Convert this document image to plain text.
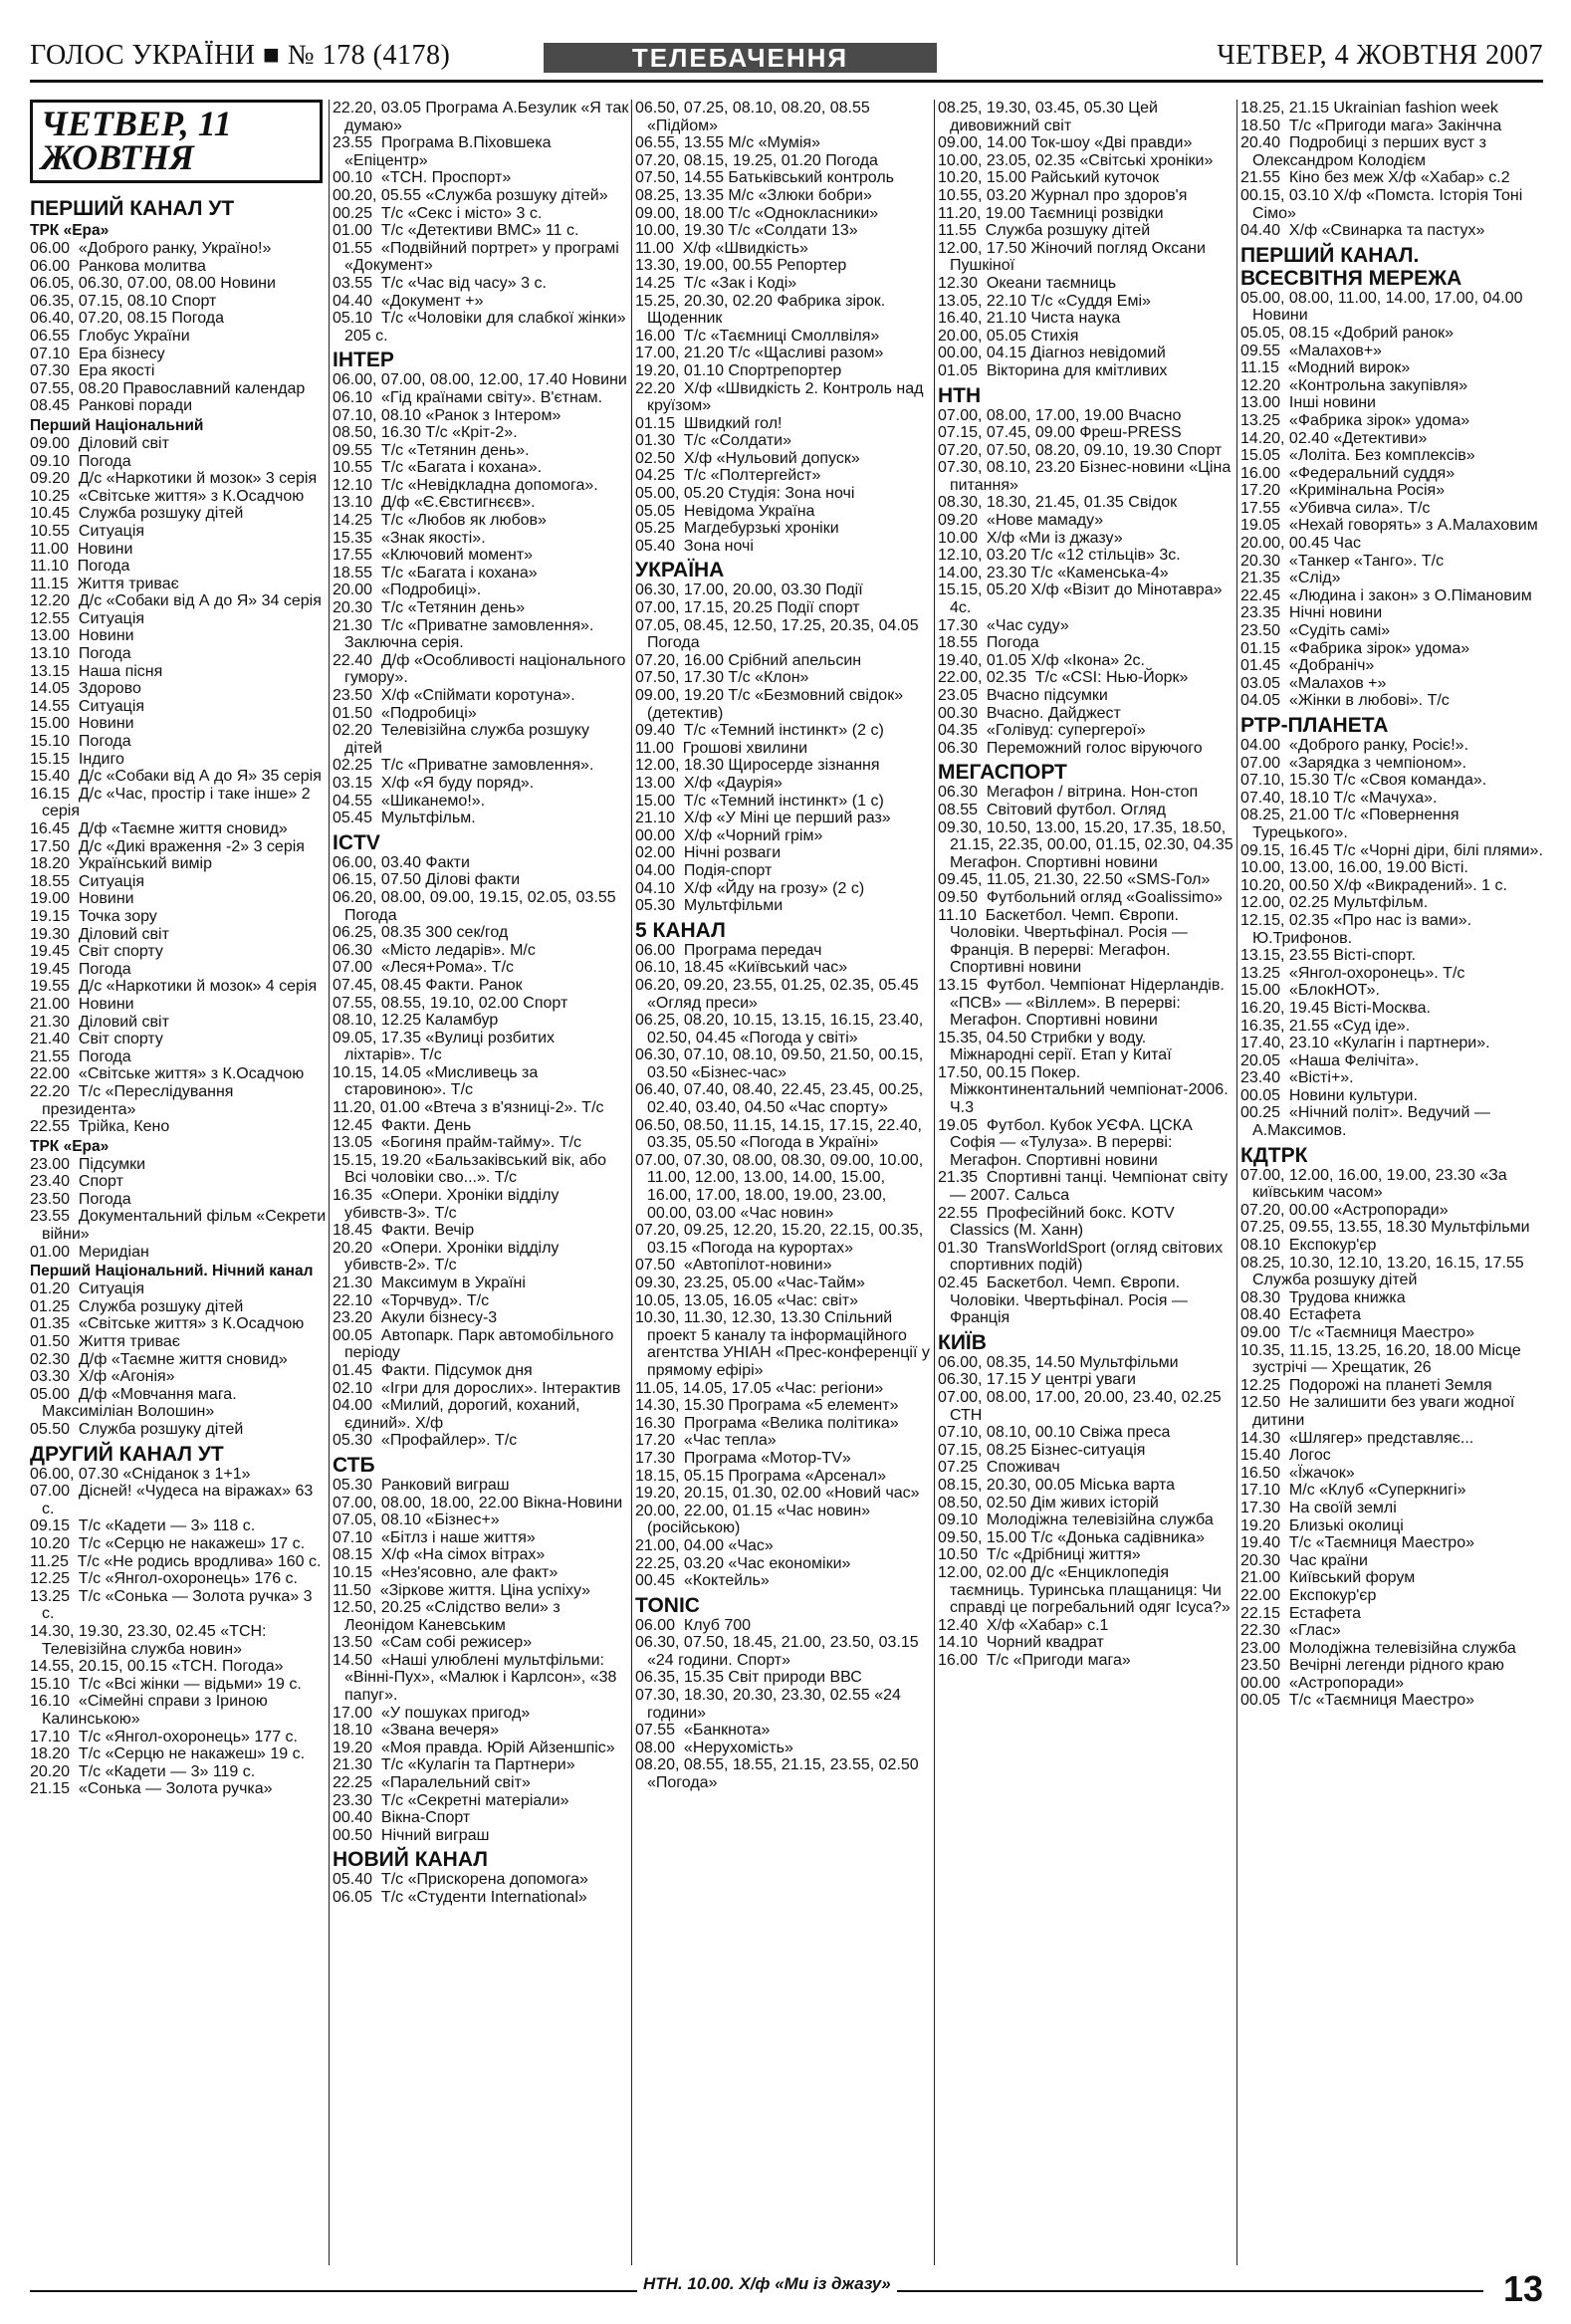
ГОЛОС УКРАЇНИ ■ № 178 (4178)	ТЕЛЕБАЧЕННЯ	ЧЕТВЕР, 4 ЖОВТНЯ 2007
ЧЕТВЕР, 11 ЖОВТНЯ
ПЕРШИЙ КАНАЛ УТ
ТРК «Ера»
06.00  «Доброго ранку, Україно!»
06.00  Ранкова молитва
06.05, 06.30, 07.00, 08.00 Новини
06.35, 07.15, 08.10 Спорт
06.40, 07.20, 08.15 Погода
06.55  Глобус України
07.10  Ера бізнесу
07.30  Ера якості
07.55, 08.20 Православний календар
08.45  Ранкові поради
Перший Національний
09.00  Діловий світ
09.10  Погода
09.20  Д/с «Наркотики й мозок» 3 серія
10.25  «Світське життя» з К.Осадчою
10.45  Служба розшуку дітей
10.55  Ситуація
11.00  Новини
11.10  Погода
11.15  Життя триває
12.20  Д/с «Собаки від А до Я» 34 серія
12.55  Ситуація
13.00  Новини
13.10  Погода
13.15  Наша пісня
14.05  Здорово
14.55  Ситуація
15.00  Новини
15.10  Погода
15.15  Індиго
15.40  Д/с «Собаки від А до Я» 35 серія
16.15  Д/с «Час, простір і таке інше» 2 серія
16.45  Д/ф «Таємне життя сновид»
17.50  Д/с «Дикі враження -2» 3 серія
18.20  Український вимір
18.55  Ситуація
19.00  Новини
19.15  Точка зору
19.30  Діловий світ
19.45  Світ спорту
19.45  Погода
19.55  Д/с «Наркотики й мозок» 4 серія
21.00  Новини
21.30  Діловий світ
21.40  Світ спорту
21.55  Погода
22.00  «Світське життя» з К.Осадчою
22.20  Т/с «Переслідування президента»
22.55  Трійка, Кено
ТРК «Ера»
23.00  Підсумки
23.40  Спорт
23.50  Погода
23.55  Документальний фільм «Секрети війни»
01.00  Меридіан
Перший Національний. Нічний канал
01.20  Ситуація
01.25  Служба розшуку дітей
01.35  «Світське життя» з К.Осадчою
01.50  Життя триває
02.30  Д/ф «Таємне життя сновид»
03.30  Х/ф «Агонія»
05.00  Д/ф «Мовчання мага. Максиміліан Волошин»
05.50  Служба розшуку дітей
ДРУГИЙ КАНАЛ УТ
06.00, 07.30 «Сніданок з 1+1»
07.00  Дісней! «Чудеса на віражах» 63 с.
09.15  Т/с «Кадети — 3» 118 с.
10.20  Т/с «Серцю не накажеш» 17 с.
11.25  Т/с «Не родись вродлива» 160 с.
12.25  Т/с «Янгол-охоронець» 176 с.
13.25  Т/с «Сонька — Золота ручка» 3 с.
14.30, 19.30, 23.30, 02.45 «ТСН: Телевізійна служба новин»
14.55, 20.15, 00.15 «ТСН. Погода»
15.10  Т/с «Всі жінки — відьми» 19 с.
16.10  «Сімейні справи з Іриною Калинською»
17.10  Т/с «Янгол-охоронець» 177 с.
18.20  Т/с «Серцю не накажеш» 19 с.
20.20  Т/с «Кадети — 3» 119 с.
21.15  «Сонька — Золота ручка»
22.20, 03.05 Програма А.Безулик «Я так думаю»
23.55  Програма В.Піховшека «Епіцентр»
00.10  «ТСН. Проспорт»
00.20, 05.55 «Служба розшуку дітей»
00.25  Т/с «Секс і місто» 3 с.
01.00  Т/с «Детективи ВМС» 11 с.
01.55  «Подвійний портрет» у програмі «Документ»
03.55  Т/с «Час від часу» 3 с.
04.40  «Документ +»
05.10  Т/с «Чоловіки для слабкої жінки» 205 с.
ІНТЕР
06.00, 07.00, 08.00, 12.00, 17.40 Новини
06.10  «Гід країнами світу». В'єтнам.
07.10, 08.10 «Ранок з Інтером»
08.50, 16.30 Т/с «Кріт-2».
09.55  Т/с «Тетянин день».
10.55  Т/с «Багата і кохана».
12.10  Т/с «Невідкладна допомога».
13.10  Д/ф «Є.Євстигнєєв».
14.25  Т/с «Любов як любов»
15.35  «Знак якості».
17.55  «Ключовий момент»
18.55  Т/с «Багата і кохана»
20.00  «Подробиці».
20.30  Т/с «Тетянин день»
21.30  Т/с «Приватне замовлення». Заключна серія.
22.40  Д/ф «Особливості національного гумору».
23.50  Х/ф «Спіймати коротуна».
01.50  «Подробиці»
02.20  Телевізійна служба розшуку дітей
02.25  Т/с «Приватне замовлення».
03.15  Х/ф «Я буду поряд».
04.55  «Шиканемо!».
05.45  Мультфільм.
ICTV
06.00, 03.40 Факти
06.15, 07.50 Ділові факти
06.20, 08.00, 09.00, 19.15, 02.05, 03.55 Погода
06.25, 08.35 300 сек/год
06.30  «Місто ледарів». М/с
07.00  «Леся+Рома». Т/с
07.45, 08.45 Факти. Ранок
07.55, 08.55, 19.10, 02.00 Спорт
08.10, 12.25 Каламбур
09.05, 17.35 «Вулиці розбитих ліхтарів». Т/с
10.15, 14.05 «Мисливець за старовиною». Т/с
11.20, 01.00 «Втеча з в'язниці-2». Т/с
12.45  Факти. День
13.05  «Богиня прайм-тайму». Т/с
15.15, 19.20 «Бальзаківський вік, або Всі чоловіки сво...». Т/с
16.35  «Опери. Хроніки відділу убивств-3». Т/с
18.45  Факти. Вечір
20.20  «Опери. Хроніки відділу убивств-2». Т/с
21.30  Максимум в Україні
22.10  «Торчвуд». Т/с
23.20  Акули бізнесу-3
00.05  Автопарк. Парк автомобільного періоду
01.45  Факти. Підсумок дня
02.10  «Ігри для дорослих». Інтерактив
04.00  «Милий, дорогий, коханий, єдиний». Х/ф
05.30  «Профайлер». Т/с
СТБ
05.30  Ранковий виграш
07.00, 08.00, 18.00, 22.00 Вікна-Новини
07.05, 08.10 «Бізнес+»
07.10  «Бітлз і наше життя»
08.15  Х/ф «На сімох вітрах»
10.15  «Нез'ясовно, але факт»
11.50  «Зіркове життя. Ціна успіху»
12.50, 20.25 «Слідство вели» з Леонідом Каневським
13.50  «Сам собі режисер»
14.50  «Наші улюблені мультфільми: «Вінні-Пух», «Малюк і Карлсон», «38 папуг».
17.00  «У пошуках пригод»
18.10  «Звана вечеря»
19.20  «Моя правда. Юрій Айзеншпіс»
21.30  Т/с «Кулагін та Партнери»
22.25  «Паралельний світ»
23.30  Т/с «Секретні матеріали»
00.40  Вікна-Спорт
00.50  Нічний виграш
НОВИЙ КАНАЛ
05.40  Т/с «Прискорена допомога»
06.05  Т/с «Студенти International»
06.50, 07.25, 08.10, 08.20, 08.55 «Підйом»
06.55, 13.55 М/с «Мумія»
07.20, 08.15, 19.25, 01.20 Погода
07.50, 14.55 Батьківський контроль
08.25, 13.35 М/с «Злюки бобри»
09.00, 18.00 Т/с «Однокласники»
10.00, 19.30 Т/с «Солдати 13»
11.00  Х/ф «Швидкість»
13.30, 19.00, 00.55 Репортер
14.25  Т/с «Зак і Коді»
15.25, 20.30, 02.20 Фабрика зірок. Щоденник
16.00  Т/с «Таємниці Смоллвіля»
17.00, 21.20 Т/с «Щасливі разом»
19.20, 01.10 Спортрепортер
22.20  Х/ф «Швидкість 2. Контроль над круїзом»
01.15  Швидкий гол!
01.30  Т/с «Солдати»
02.50  Х/ф «Нульовий допуск»
04.25  Т/с «Полтергейст»
05.00, 05.20 Студія: Зона ночі
05.05  Невідома Україна
05.25  Магдебурзькі хроніки
05.40  Зона ночі
УКРАЇНА
06.30, 17.00, 20.00, 03.30 Події
07.00, 17.15, 20.25 Події спорт
07.05, 08.45, 12.50, 17.25, 20.35, 04.05 Погода
07.20, 16.00 Срібний апельсин
07.50, 17.30 Т/с «Клон»
09.00, 19.20 Т/с «Безмовний свідок» (детектив)
09.40  Т/с «Темний інстинкт» (2 с)
11.00  Грошові хвилини
12.00, 18.30 Щиросерде зізнання
13.00  Х/ф «Даурія»
15.00  Т/с «Темний інстинкт» (1 с)
21.10  Х/ф «У Міні це перший раз»
00.00  Х/ф «Чорний грім»
02.00  Нічні розваги
04.00  Подія-спорт
04.10  Х/ф «Йду на грозу» (2 с)
05.30  Мультфільми
5 КАНАЛ
06.00  Програма передач
06.10, 18.45 «Київський час»
06.20, 09.20, 23.55, 01.25, 02.35, 05.45 «Огляд преси»
06.25, 08.20, 10.15, 13.15, 16.15, 23.40, 02.50, 04.45 «Погода у світі»
06.30, 07.10, 08.10, 09.50, 21.50, 00.15, 03.50 «Бізнес-час»
06.40, 07.40, 08.40, 22.45, 23.45, 00.25, 02.40, 03.40, 04.50 «Час спорту»
06.50, 08.50, 11.15, 14.15, 17.15, 22.40, 03.35, 05.50 «Погода в Україні»
07.00, 07.30, 08.00, 08.30, 09.00, 10.00, 11.00, 12.00, 13.00, 14.00, 15.00, 16.00, 17.00, 18.00, 19.00, 23.00, 00.00, 03.00 «Час новин»
07.20, 09.25, 12.20, 15.20, 22.15, 00.35, 03.15 «Погода на курортах»
07.50  «Автопілот-новини»
09.30, 23.25, 05.00 «Час-Тайм»
10.05, 13.05, 16.05 «Час: світ»
10.30, 11.30, 12.30, 13.30 Спільний проект 5 каналу та інформаційного агентства УНІАН «Прес-конференції у прямому ефірі»
11.05, 14.05, 17.05 «Час: регіони»
14.30, 15.30 Програма «5 елемент»
16.30  Програма «Велика політика»
17.20  «Час тепла»
17.30  Програма «Мотор-TV»
18.15, 05.15 Програма «Арсенал»
19.20, 20.15, 01.30, 02.00 «Новий час»
20.00, 22.00, 01.15 «Час новин» (російською)
21.00, 04.00 «Час»
22.25, 03.20 «Час економіки»
00.45  «Коктейль»
TONIC
06.00  Клуб 700
06.30, 07.50, 18.45, 21.00, 23.50, 03.15 «24 години. Спорт»
06.35, 15.35 Світ природи ВВС
07.30, 18.30, 20.30, 23.30, 02.55 «24 години»
07.55  «Банкнота»
08.00  «Нерухомість»
08.20, 08.55, 18.55, 21.15, 23.55, 02.50 «Погода»
08.25, 19.30, 03.45, 05.30 Цей дивовижний світ
09.00, 14.00 Ток-шоу «Дві правди»
10.00, 23.05, 02.35 «Світські хроніки»
10.20, 15.00 Райський куточок
10.55, 03.20 Журнал про здоров'я
11.20, 19.00 Таємниці розвідки
11.55  Служба розшуку дітей
12.00, 17.50 Жіночий погляд Оксани Пушкіної
12.30  Океани таємниць
13.05, 22.10 Т/с «Суддя Емі»
16.40, 21.10 Чиста наука
20.00, 05.05 Стихія
00.00, 04.15 Діагноз невідомий
01.05  Вікторина для кмітливих
НТН
07.00, 08.00, 17.00, 19.00 Вчасно
07.15, 07.45, 09.00 Фреш-PRESS
07.20, 07.50, 08.20, 09.10, 19.30 Спорт
07.30, 08.10, 23.20 Бізнес-новини «Ціна питання»
08.30, 18.30, 21.45, 01.35 Свідок
09.20  «Нове мамаду»
10.00  Х/ф «Ми із джазу»
12.10, 03.20 Т/с «12 стільців» 3с.
14.00, 23.30 Т/с «Каменська-4»
15.15, 05.20 Х/ф «Візит до Мінотавра» 4с.
17.30  «Час суду»
18.55  Погода
19.40, 01.05 Х/ф «Ікона» 2с.
22.00, 02.35  Т/с «CSI: Нью-Йорк»
23.05  Вчасно підсумки
00.30  Вчасно. Дайджест
04.35  «Голівуд: супергерої»
06.30  Переможний голос віруючого
МЕГАСПОРТ
06.30  Мегафон / вітрина. Нон-стоп
08.55  Світовий футбол. Огляд
09.30, 10.50, 13.00, 15.20, 17.35, 18.50, 21.15, 22.35, 00.00, 01.15, 02.30, 04.35 Мегафон. Спортивні новини
09.45, 11.05, 21.30, 22.50 «SMS-Гол»
09.50  Футбольний огляд «Goalissimo»
11.10  Баскетбол. Чемп. Європи. Чоловіки. Чвертьфінал. Росія — Франція. В перерві: Мегафон. Спортивні новини
13.15  Футбол. Чемпіонат Нідерландів. «ПСВ» — «Віллем». В перерві: Мегафон. Спортивні новини
15.35, 04.50 Стрибки у воду. Міжнародні серії. Етап у Китаї
17.50, 00.15 Покер. Міжконтинентальний чемпіонат-2006. Ч.3
19.05  Футбол. Кубок УЄФА. ЦСКА Софія — «Тулуза». В перерві: Мегафон. Спортивні новини
21.35  Спортивні танці. Чемпіонат світу — 2007. Сальса
22.55  Професійний бокс. KOTV Classics (М. Ханн)
01.30  TransWorldSport (огляд світових спортивних подій)
02.45  Баскетбол. Чемп. Європи. Чоловіки. Чвертьфінал. Росія — Франція
КИЇВ
06.00, 08.35, 14.50 Мультфільми
06.30, 17.15 У центрі уваги
07.00, 08.00, 17.00, 20.00, 23.40, 02.25 СТН
07.10, 08.10, 00.10 Свіжа преса
07.15, 08.25 Бізнес-ситуація
07.25  Споживач
08.15, 20.30, 00.05 Міська варта
08.50, 02.50 Дім живих історій
09.10  Молодіжна телевізійна служба
09.50, 15.00 Т/с «Донька садівника»
10.50  Т/с «Дрібниці життя»
12.00, 02.00 Д/с «Енциклопедія таємниць. Туринська плащаниця: Чи справді це погребальний одяг Ісуса?»
12.40  Х/ф «Хабар» с.1
14.10  Чорний квадрат
16.00  Т/с «Пригоди мага»
18.25, 21.15 Ukrainian fashion week
18.50  Т/с «Пригоди мага» Закінчна
20.40  Подробиці з перших вуст з Олександром Колодієм
21.55  Кіно без меж Х/ф «Хабар» с.2
00.15, 03.10 Х/ф «Помста. Історія Тоні Сімо»
04.40  Х/ф «Свинарка та пастух»
ПЕРШИЙ КАНАЛ. ВСЕСВІТНЯ МЕРЕЖА
05.00, 08.00, 11.00, 14.00, 17.00, 04.00 Новини
05.05, 08.15 «Добрий ранок»
09.55  «Малахов+»
11.15  «Модний вирок»
12.20  «Контрольна закупівля»
13.00  Інші новини
13.25  «Фабрика зірок» удома»
14.20, 02.40 «Детективи»
15.05  «Лоліта. Без комплексів»
16.00  «Федеральний суддя»
17.20  «Кримінальна Росія»
17.55  «Убивча сила». Т/с
19.05  «Нехай говорять» з А.Малаховим
20.00, 00.45 Час
20.30  «Танкер «Танго». Т/с
21.35  «Слід»
22.45  «Людина і закон» з О.Пімановим
23.35  Нічні новини
23.50  «Судіть самі»
01.15  «Фабрика зірок» удома»
01.45  «Добраніч»
03.05  «Малахов +»
04.05  «Жінки в любові». Т/с
РТР-ПЛАНЕТА
04.00  «Доброго ранку, Росіє!».
07.00  «Зарядка з чемпіоном».
07.10, 15.30 Т/с «Своя команда».
07.40, 18.10 Т/с «Мачуха».
08.25, 21.00 Т/с «Повернення Турецького».
09.15, 16.45 Т/с «Чорні діри, білі плями».
10.00, 13.00, 16.00, 19.00 Вісті.
10.20, 00.50 Х/ф «Викрадений». 1 с.
12.00, 02.25 Мультфільм.
12.15, 02.35 «Про нас із вами». Ю.Трифонов.
13.15, 23.55 Вісті-спорт.
13.25  «Янгол-охоронець». Т/с
15.00  «БлокНОТ».
16.20, 19.45 Вісті-Москва.
16.35, 21.55 «Суд іде».
17.40, 23.10 «Кулагін і партнери».
20.05  «Наша Фелічіта».
23.40  «Вісті+».
00.05  Новини культури.
00.25  «Нічний політ». Ведучий — А.Максимов.
КДТРК
07.00, 12.00, 16.00, 19.00, 23.30 «За київським часом»
07.20, 00.00 «Астропоради»
07.25, 09.55, 13.55, 18.30 Мультфільми
08.10  Експокур'єр
08.25, 10.30, 12.10, 13.20, 16.15, 17.55 Служба розшуку дітей
08.30  Трудова книжка
08.40  Естафета
09.00  Т/с «Таємниця Маестро»
10.35, 11.15, 13.25, 16.20, 18.00 Місце зустрічі — Хрещатик, 26
12.25  Подорожі на планеті Земля
12.50  Не залишити без уваги жодної дитини
14.30  «Шлягер» представляє...
15.40  Логос
16.50  «Їжачок»
17.10  М/с «Клуб «Суперкнигі»
17.30  На своїй землі
19.20  Близькі околиці
19.40  Т/с «Таємниця Маестро»
20.30  Час країни
21.00  Київський форум
22.00  Експокур'єр
22.15  Естафета
22.30  «Глас»
23.00  Молодіжна телевізійна служба
23.50  Вечірні легенди рідного краю
00.00  «Астропоради»
00.05  Т/с «Таємниця Маестро»
НТН. 10.00. Х/ф «Ми із джазу»	13
